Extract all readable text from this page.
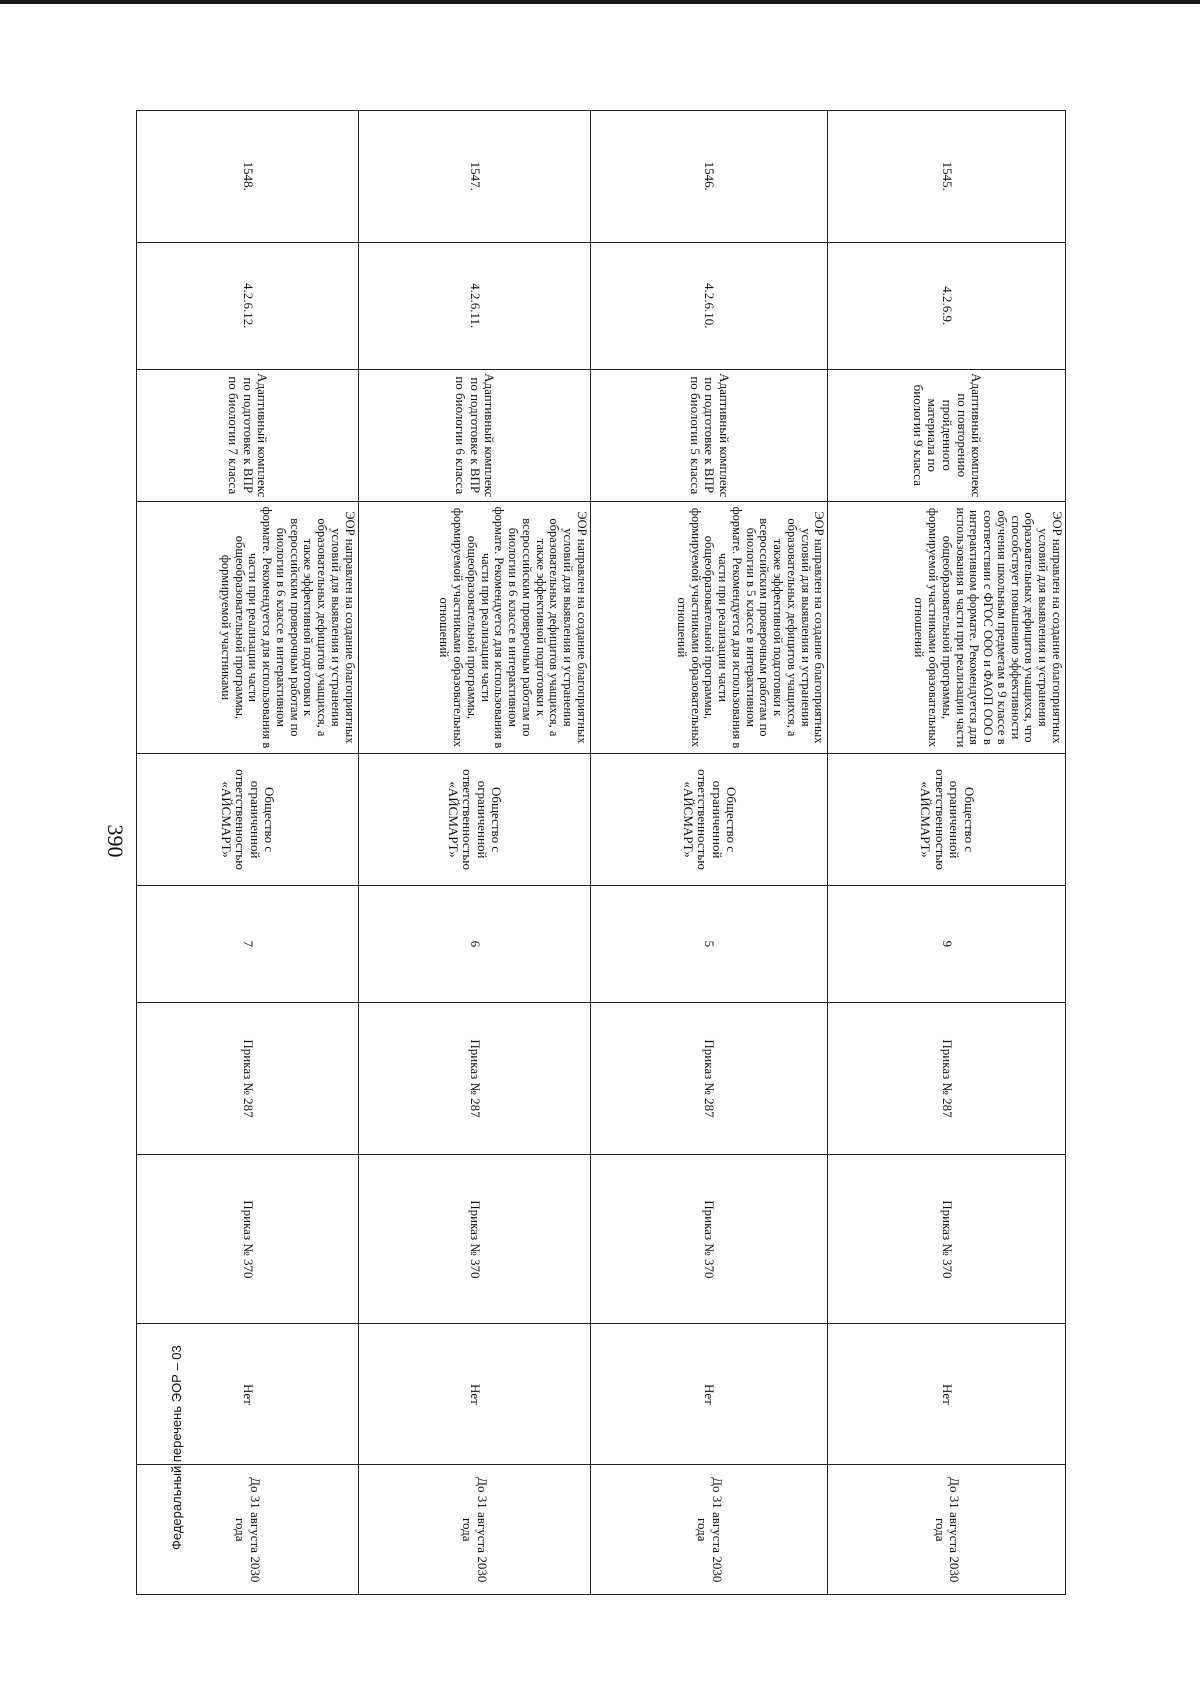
390
1545.	4.2.6.9.	Адаптивный комплекс по повторению пройденного материала по биологии 9 класса	ЭОР направлен на создание благоприятных условий для выявления и устранения образовательных дефицитов учащихся, что способствует повышению эффективности обучения школьным предметам в 9 классе в соответствии с ФГОС ООО и ФАОП ООО в интерактивном формате. Рекомендуется для использования в части при реализации части общеобразовательной программы, формируемой участниками образовательных отношений	Общество с ограниченной ответственностью «АЙСМАРТ»	9	Приказ № 287	Приказ № 370	Нет	До 31 августа 2030 года
1546.	4.2.6.10.	Адаптивный комплекс по подготовке к ВПР по биологии 5 класса	ЭОР направлен на создание благоприятных условий для выявления и устранения образовательных дефицитов учащихся, а также эффективной подготовки к всероссийским проверочным работам по биологии в 5 классе в интерактивном формате. Рекомендуется для использования в части при реализации части общеобразовательной программы, формируемой участниками образовательных отношений	Общество с ограниченной ответственностью «АЙСМАРТ»	5	Приказ № 287	Приказ № 370	Нет	До 31 августа 2030 года
1547.	4.2.6.11.	Адаптивный комплекс по подготовке к ВПР по биологии 6 класса	ЭОР направлен на создание благоприятных условий для выявления и устранения образовательных дефицитов учащихся, а также эффективной подготовки к всероссийским проверочным работам по биологии в 6 классе в интерактивном формате. Рекомендуется для использования в части при реализации части общеобразовательной программы, формируемой участниками образовательных отношений	Общество с ограниченной ответственностью «АЙСМАРТ»	6	Приказ № 287	Приказ № 370	Нет	До 31 августа 2030 года
1548.	4.2.6.12.	Адаптивный комплекс по подготовке к ВПР по биологии 7 класса	ЭОР направлен на создание благоприятных условий для выявления и устранения образовательных дефицитов учащихся, а также эффективной подготовки к всероссийским проверочным работам по биологии в 6 классе в интерактивном формате. Рекомендуется для использования в части при реализации части общеобразовательной программы, формируемой участниками	Общество с ограниченной ответственностью «АЙСМАРТ»	7	Приказ № 287	Приказ № 370	Нет	До 31 августа 2030 года
Федеральный перечень ЭОР – 03
